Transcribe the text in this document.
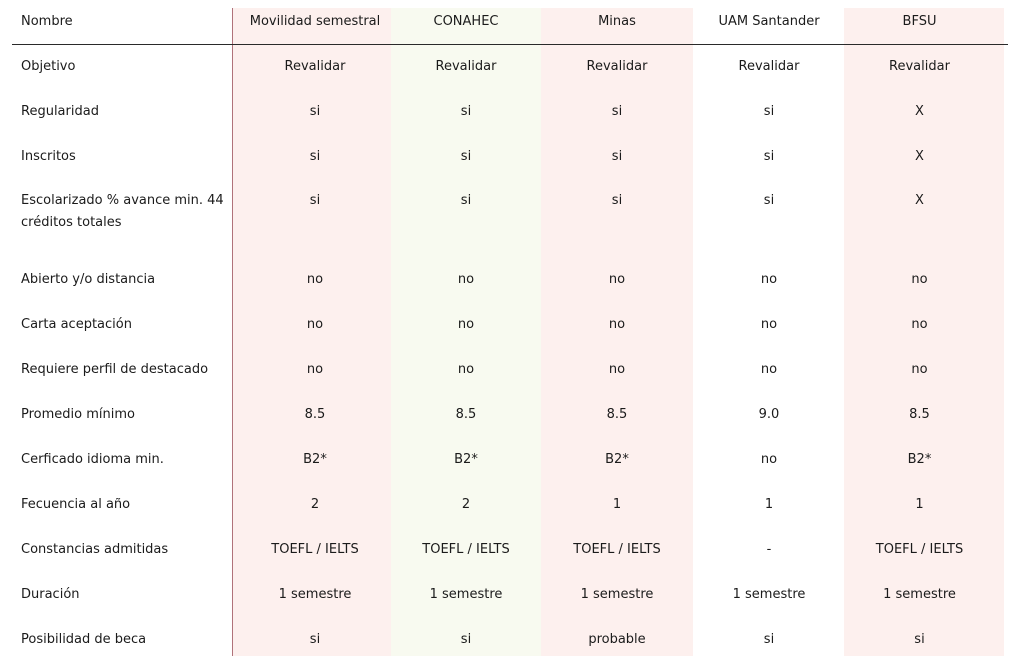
Nombre	Movilidad semestral	CONAHEC	Minas	UAM Santander	BFSU
Objetivo	Revalidar	Revalidar	Revalidar	Revalidar	Revalidar
Regularidad	si	si	si	si	X
Inscritos	si	si	si	si	X

Escolarizado % avance min. 44 créditos totales	si	si	si	si	X
Abierto y/o distancia	no	no	no	no	no
Carta aceptación	no	no	no	no	no
Requiere perfil de destacado	no	no	no	no	no
Promedio mínimo	8.5	8.5	8.5	9.0	8.5
Cerficado idioma min.	B2*	B2*	B2*	no	B2*
Fecuencia al año	2	2	1	1	1
Constancias admitidas	TOEFL / IELTS	TOEFL / IELTS	TOEFL / IELTS	-	TOEFL / IELTS
Duración	1 semestre	1 semestre	1 semestre	1 semestre	1 semestre
Posibilidad de beca	si	si	probable	si	si
